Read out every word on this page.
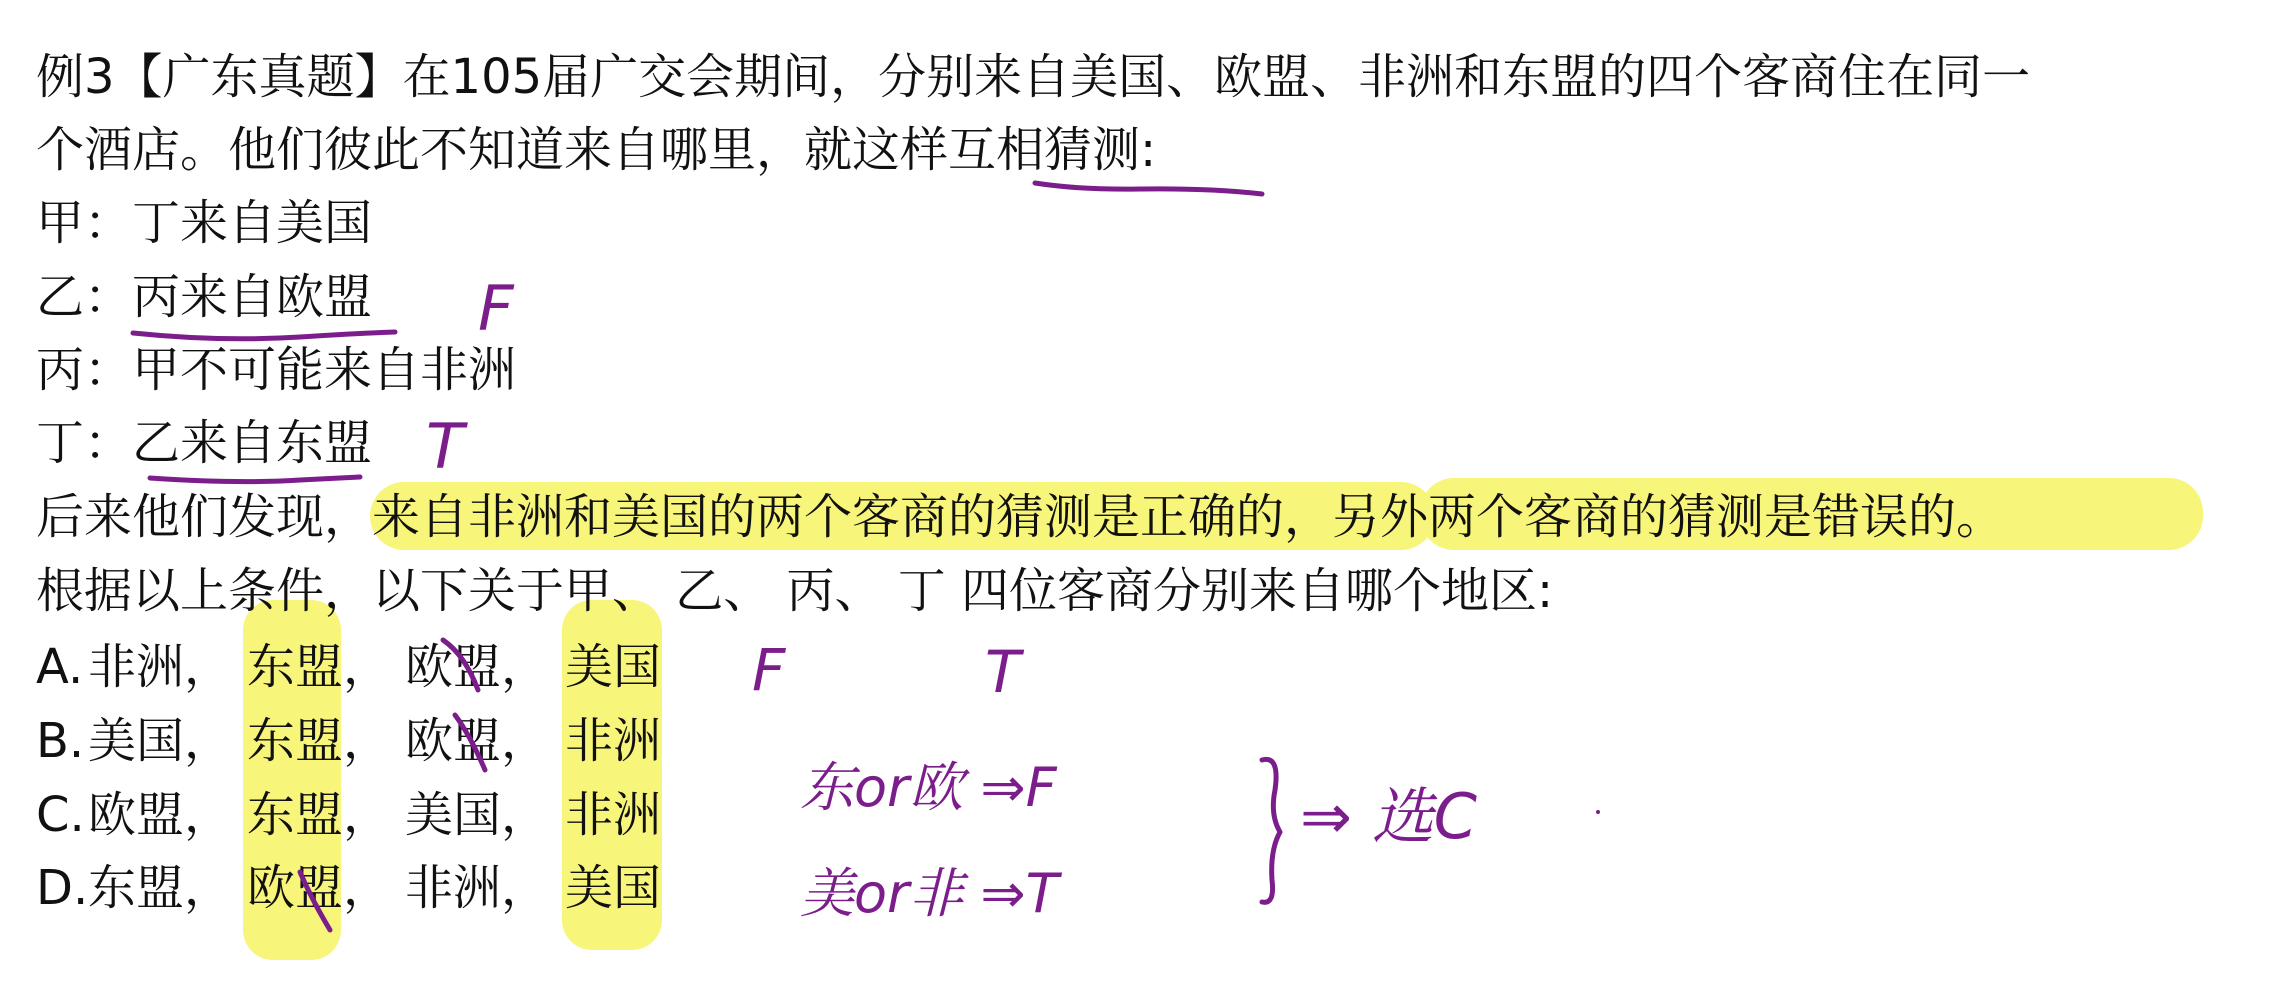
例3【广东真题】在105届广交会期间，分别来自美国、欧盟、非洲和东盟的四个客商住在同一
个酒店。他们彼此不知道来自哪里，就这样互相猜测:
甲：丁来自美国
乙：丙来自欧盟
丙：甲不可能来自非洲
丁：乙来自东盟
后来他们发现，来自非洲和美国的两个客商的猜测是正确的，另外两个客商的猜测是错误的。
根据以上条件，以下关于甲、 乙、 丙、 丁 四位客商分别来自哪个地区:
A. 非洲， 东盟， 欧盟， 美国
B. 美国， 东盟， 欧盟， 非洲
C. 欧盟， 东盟， 美国， 非洲
D. 东盟， 欧盟， 非洲， 美国
F
T
F	T
东or欧 ⇒F
美or非 ⇒T
⇒ 选C
